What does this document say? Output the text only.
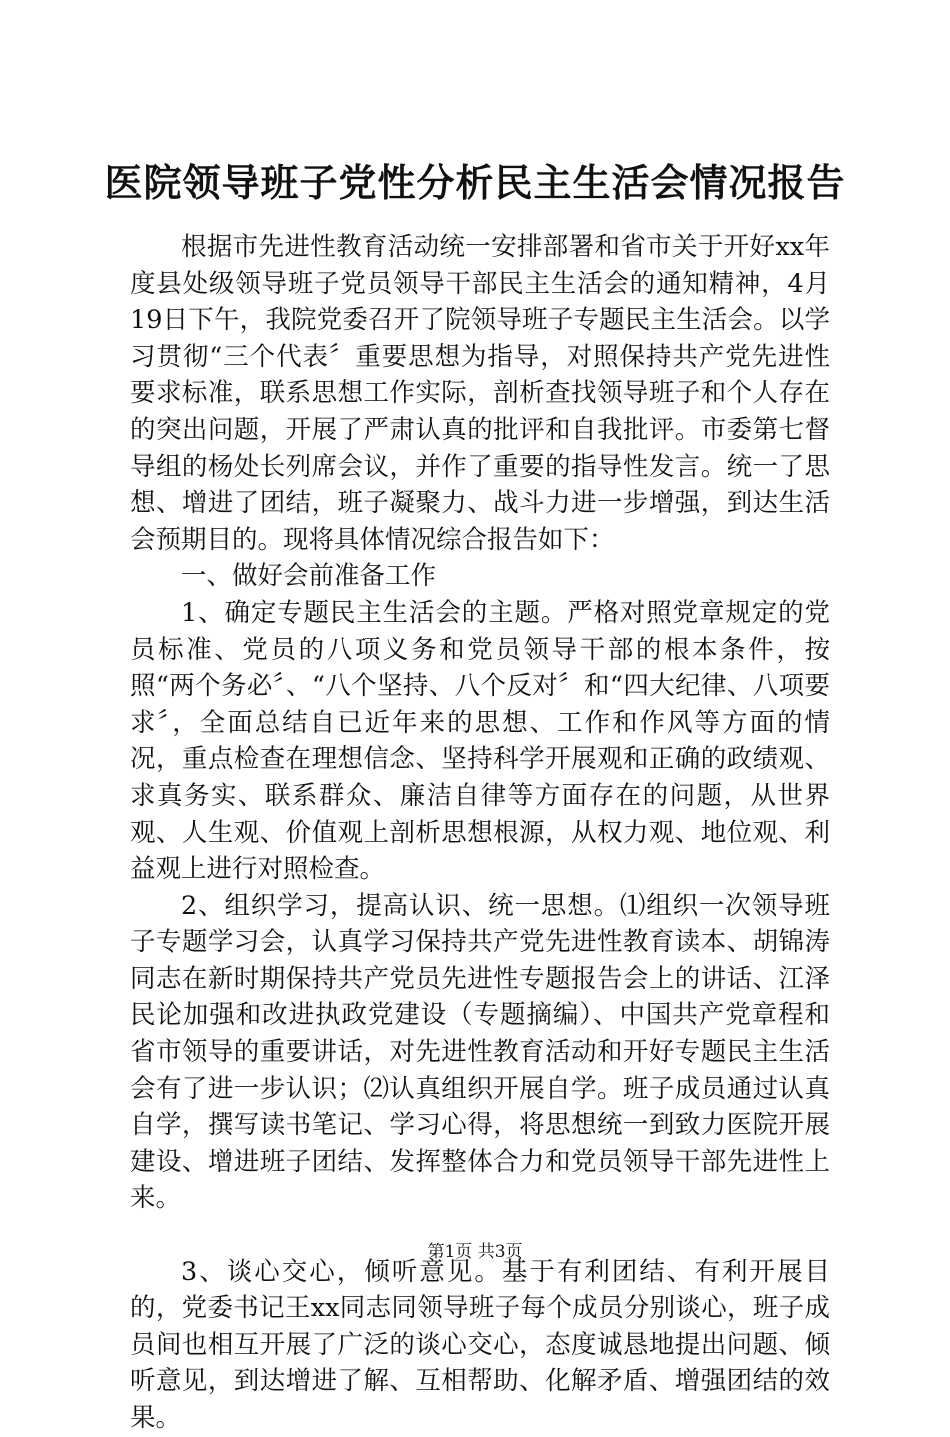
医院领导班子党性分析民主生活会情况报告

根据市先进性教育活动统一安排部署和省市关于开好xx年度县处级领导班子党员领导干部民主生活会的通知精神，4月19日下午，我院党委召开了院领导班子专题民主生活会。以学习贯彻“三个代表〞重要思想为指导，对照保持共产党先进性要求标准，联系思想工作实际，剖析查找领导班子和个人存在的突出问题，开展了严肃认真的批评和自我批评。市委第七督导组的杨处长列席会议，并作了重要的指导性发言。统一了思想、增进了团结，班子凝聚力、战斗力进一步增强，到达生活会预期目的。现将具体情况综合报告如下：

一、做好会前准备工作

1、确定专题民主生活会的主题。严格对照党章规定的党员标准、党员的八项义务和党员领导干部的根本条件，按照“两个务必〞、“八个坚持、八个反对〞和“四大纪律、八项要求〞，全面总结自已近年来的思想、工作和作风等方面的情况，重点检查在理想信念、坚持科学开展观和正确的政绩观、求真务实、联系群众、廉洁自律等方面存在的问题，从世界观、人生观、价值观上剖析思想根源，从权力观、地位观、利益观上进行对照检查。

2、组织学习，提高认识、统一思想。⑴组织一次领导班子专题学习会，认真学习保持共产党先进性教育读本、胡锦涛同志在新时期保持共产党员先进性专题报告会上的讲话、江泽民论加强和改进执政党建设（专题摘编）、中国共产党章程和省市领导的重要讲话，对先进性教育活动和开好专题民主生活会有了进一步认识；⑵认真组织开展自学。班子成员通过认真自学，撰写读书笔记、学习心得，将思想统一到致力医院开展建设、增进班子团结、发挥整体合力和党员领导干部先进性上来。

3、谈心交心，倾听意见。基于有利团结、有利开展目的，党委书记王xx同志同领导班子每个成员分别谈心，班子成员间也相互开展了广泛的谈心交心，态度诚恳地提出问题、倾听意见，到达增进了解、互相帮助、化解矛盾、增强团结的效果。

第1页 共3页
